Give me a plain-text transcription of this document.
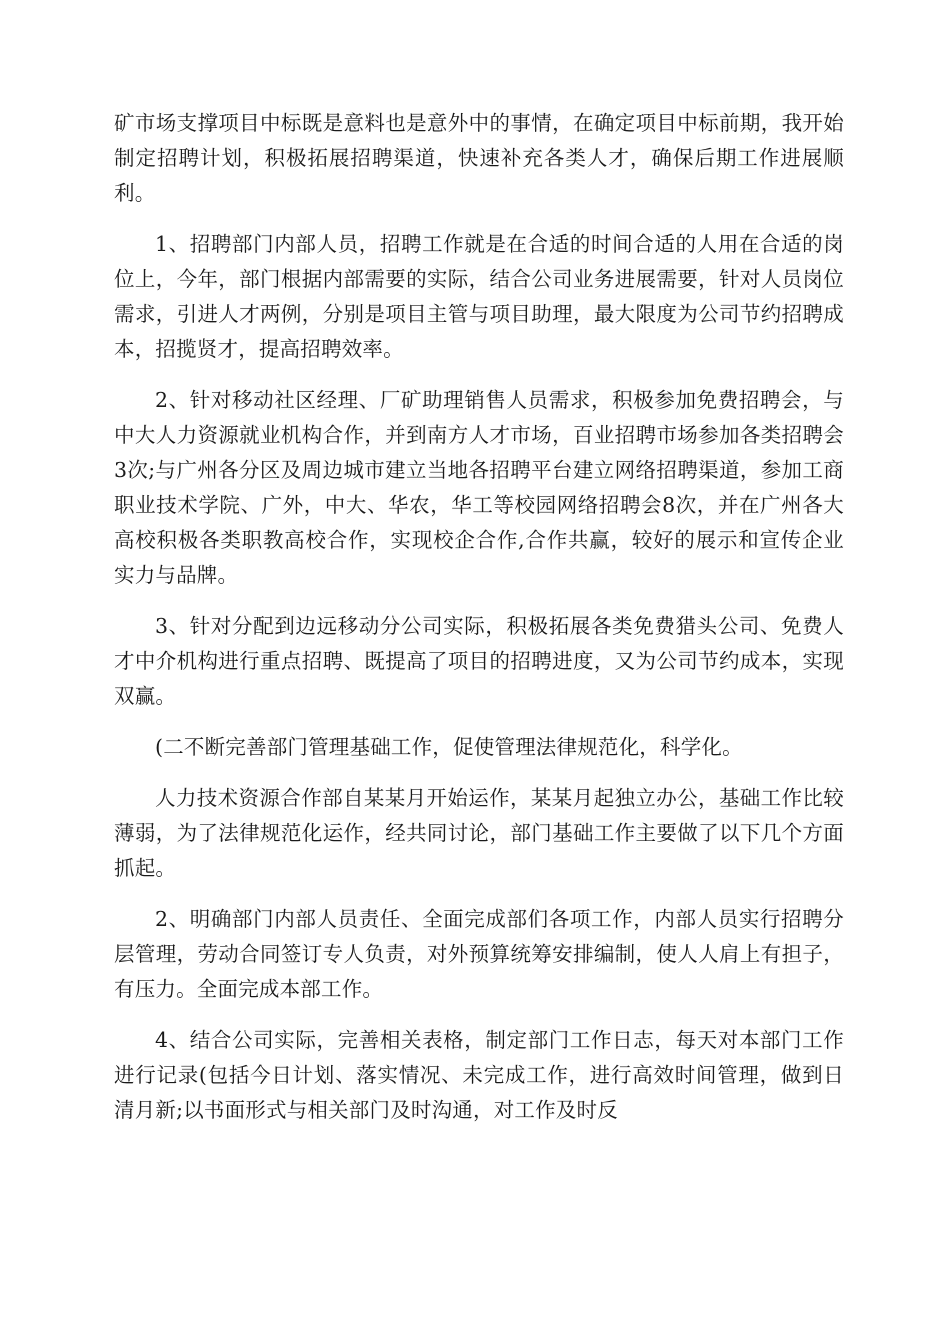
矿市场支撑项目中标既是意料也是意外中的事情，在确定项目中标前期，我开始制定招聘计划，积极拓展招聘渠道，快速补充各类人才，确保后期工作进展顺利。

1、招聘部门内部人员，招聘工作就是在合适的时间合适的人用在合适的岗位上，今年，部门根据内部需要的实际，结合公司业务进展需要，针对人员岗位需求，引进人才两例，分别是项目主管与项目助理，最大限度为公司节约招聘成本，招揽贤才，提高招聘效率。

2、针对移动社区经理、厂矿助理销售人员需求，积极参加免费招聘会，与中大人力资源就业机构合作，并到南方人才市场，百业招聘市场参加各类招聘会3次;与广州各分区及周边城市建立当地各招聘平台建立网络招聘渠道，参加工商职业技术学院、广外，中大、华农，华工等校园网络招聘会8次，并在广州各大高校积极各类职教高校合作，实现校企合作,合作共赢，较好的展示和宣传企业实力与品牌。

3、针对分配到边远移动分公司实际，积极拓展各类免费猎头公司、免费人才中介机构进行重点招聘、既提高了项目的招聘进度，又为公司节约成本，实现双赢。

(二不断完善部门管理基础工作，促使管理法律规范化，科学化。

人力技术资源合作部自某某月开始运作，某某月起独立办公，基础工作比较薄弱，为了法律规范化运作，经共同讨论，部门基础工作主要做了以下几个方面抓起。

2、明确部门内部人员责任、全面完成部们各项工作，内部人员实行招聘分层管理，劳动合同签订专人负责，对外预算统筹安排编制，使人人肩上有担子，有压力。全面完成本部工作。

4、结合公司实际，完善相关表格，制定部门工作日志，每天对本部门工作进行记录(包括今日计划、落实情况、未完成工作，进行高效时间管理，做到日清月新;以书面形式与相关部门及时沟通，对工作及时反
